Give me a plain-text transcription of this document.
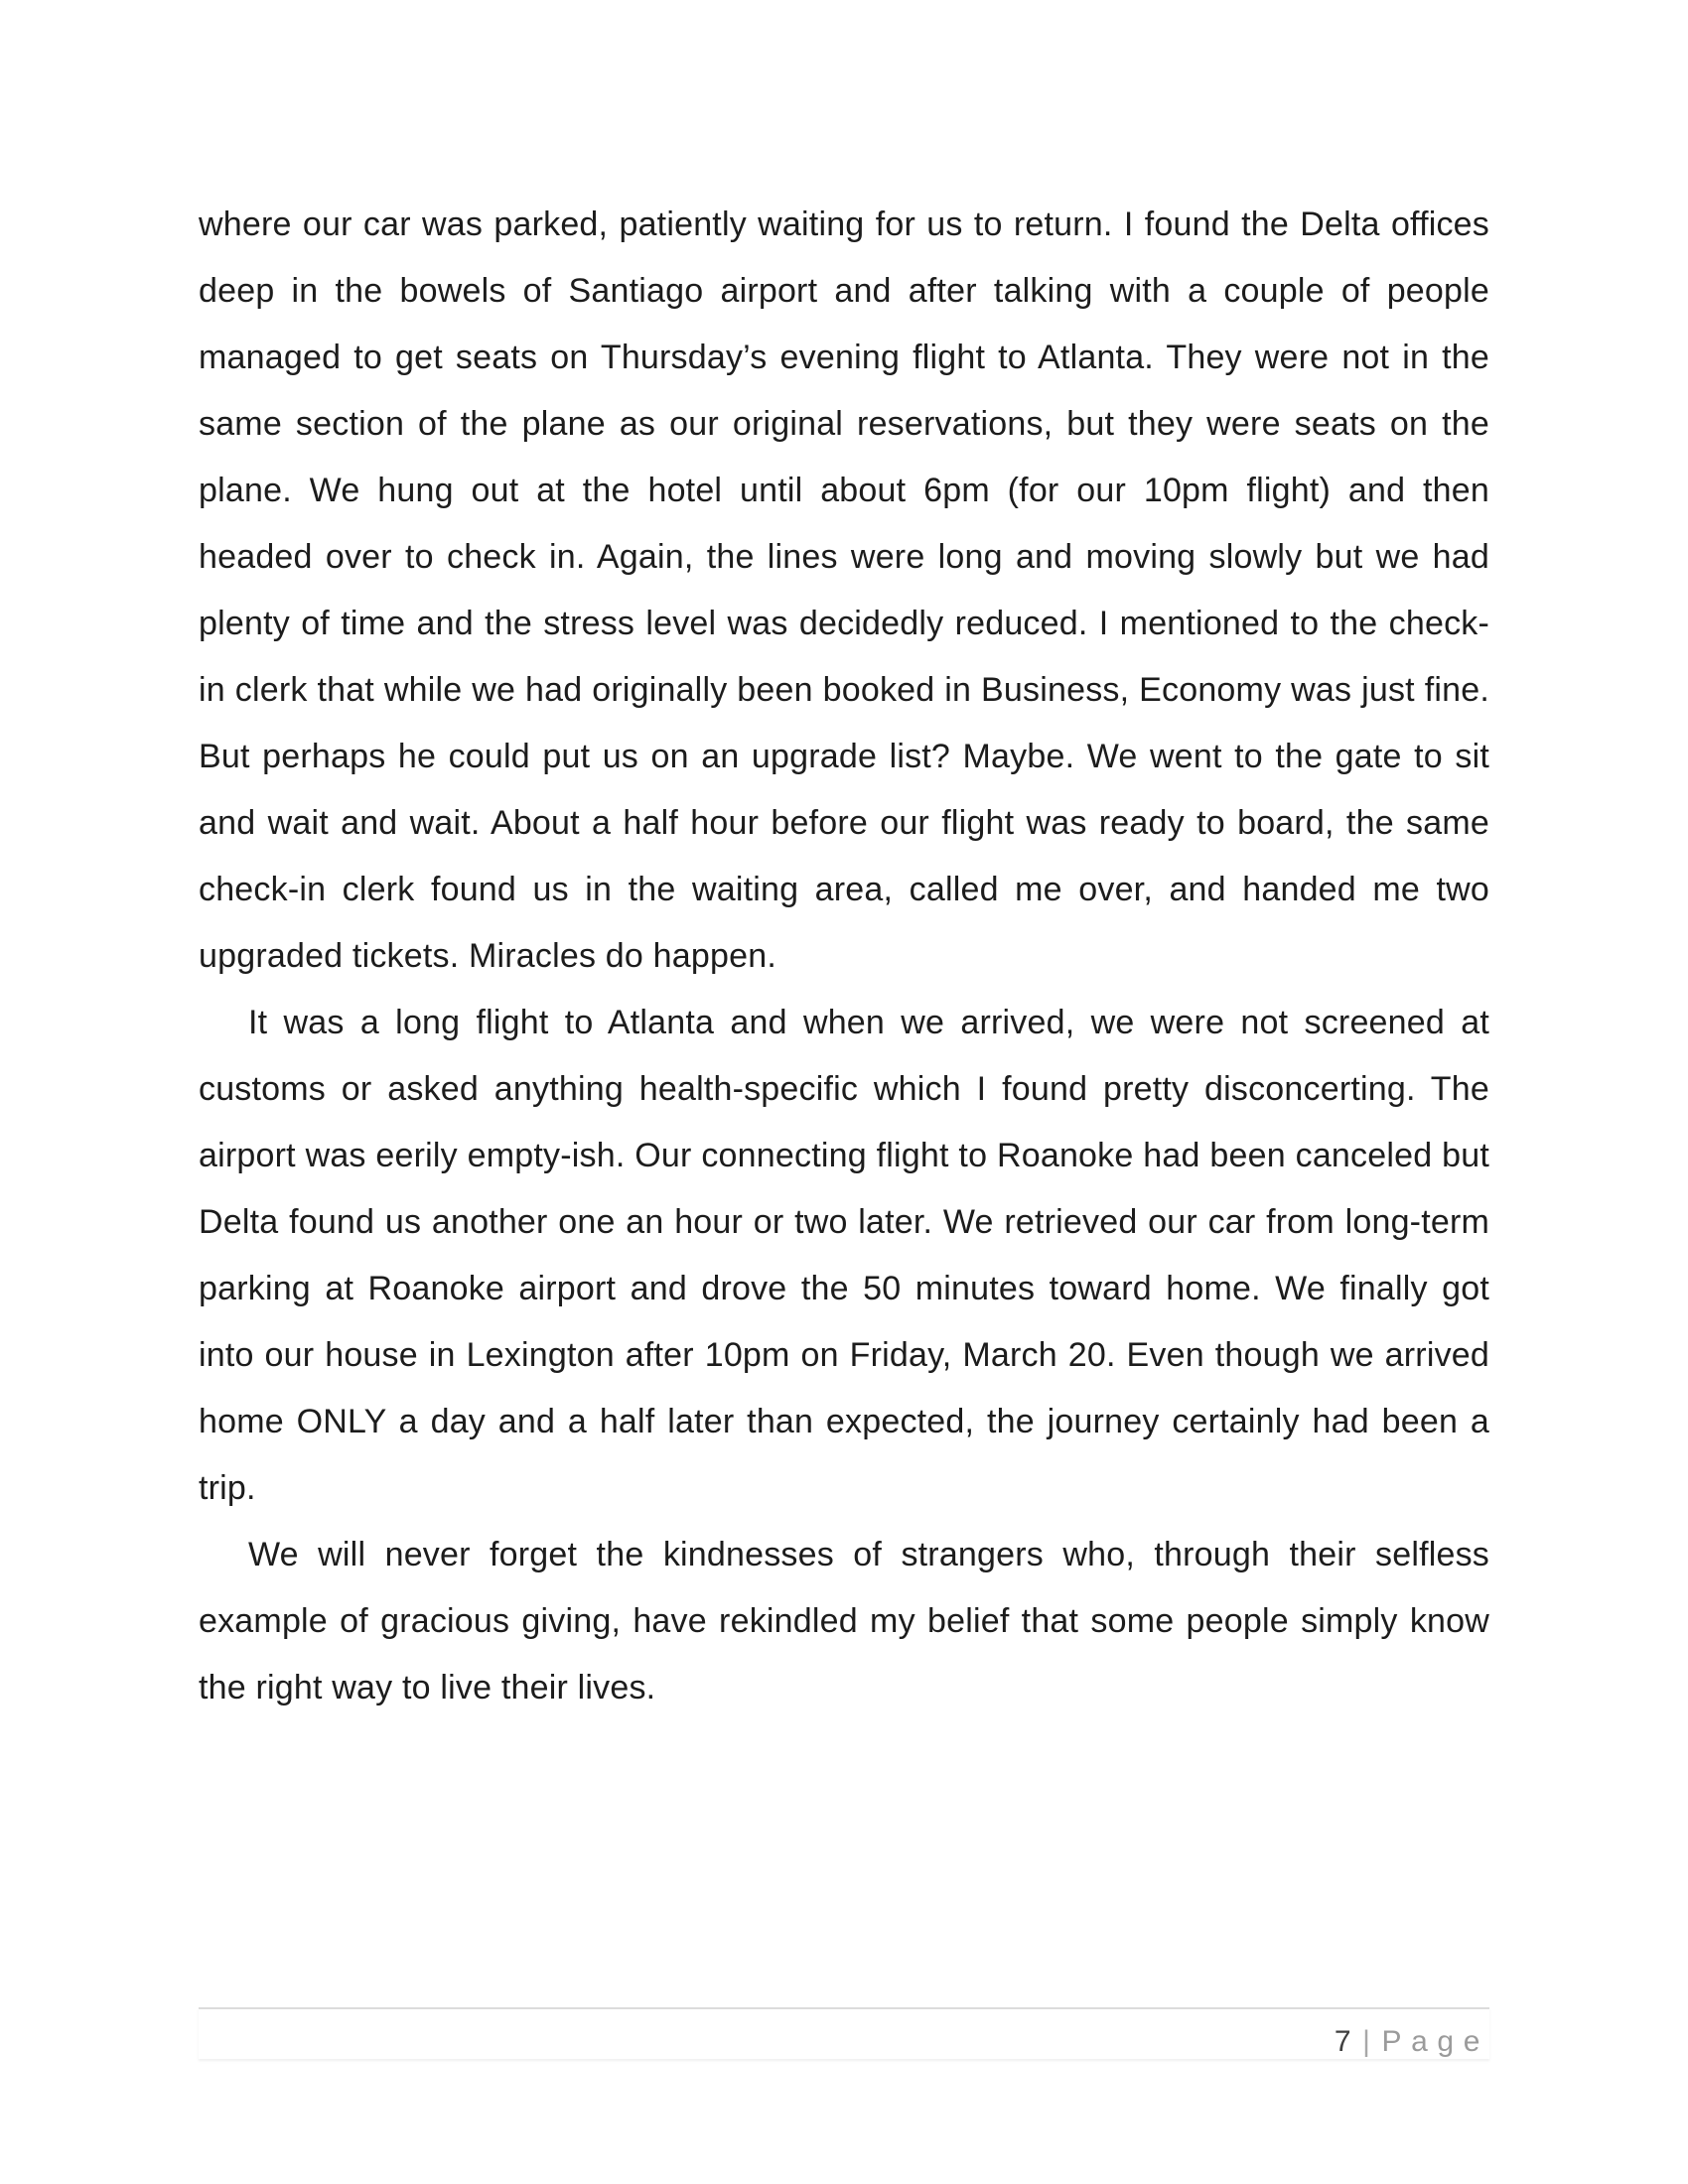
where our car was parked, patiently waiting for us to return. I found the Delta offices deep in the bowels of Santiago airport and after talking with a couple of people managed to get seats on Thursday’s evening flight to Atlanta. They were not in the same section of the plane as our original reservations, but they were seats on the plane. We hung out at the hotel until about 6pm (for our 10pm flight) and then headed over to check in. Again, the lines were long and moving slowly but we had plenty of time and the stress level was decidedly reduced. I mentioned to the check-in clerk that while we had originally been booked in Business, Economy was just fine. But perhaps he could put us on an upgrade list? Maybe. We went to the gate to sit and wait and wait. About a half hour before our flight was ready to board, the same check-in clerk found us in the waiting area, called me over, and handed me two upgraded tickets. Miracles do happen.

It was a long flight to Atlanta and when we arrived, we were not screened at customs or asked anything health-specific which I found pretty disconcerting. The airport was eerily empty-ish. Our connecting flight to Roanoke had been canceled but Delta found us another one an hour or two later. We retrieved our car from long-term parking at Roanoke airport and drove the 50 minutes toward home. We finally got into our house in Lexington after 10pm on Friday, March 20. Even though we arrived home ONLY a day and a half later than expected, the journey certainly had been a trip.

We will never forget the kindnesses of strangers who, through their selfless example of gracious giving, have rekindled my belief that some people simply know the right way to live their lives.

7|Page
